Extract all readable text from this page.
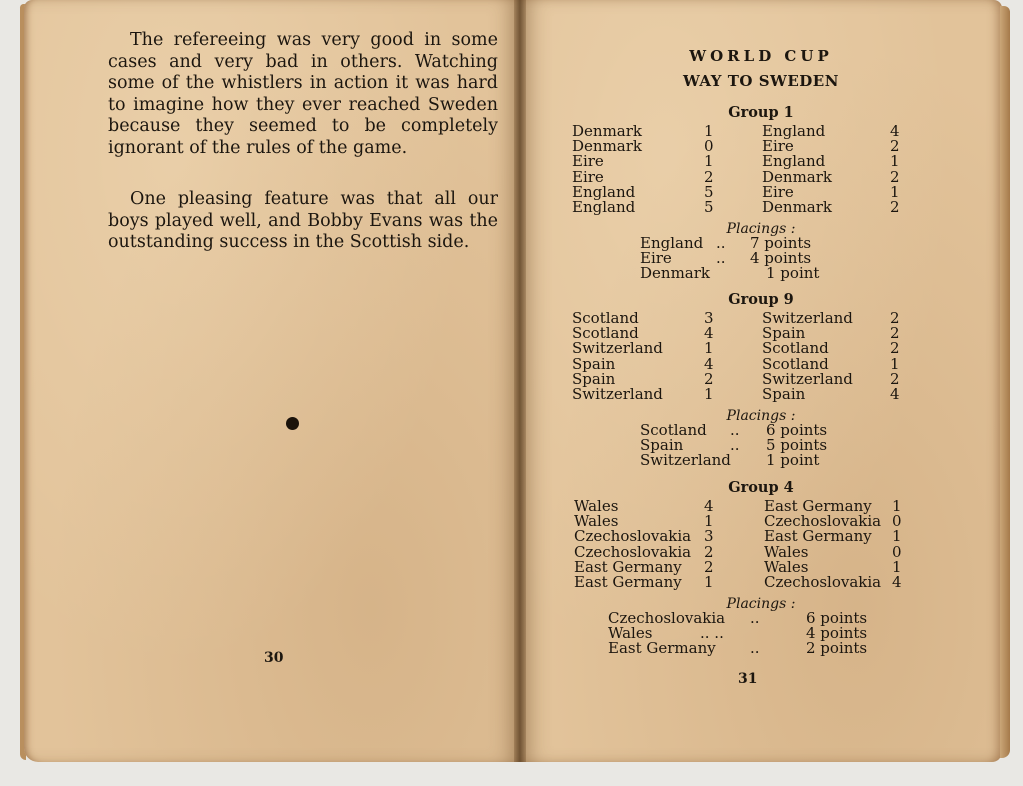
The refereeing was very good in some cases and very bad in others. Watching some of the whistlers in action it was hard to imagine how they ever reached Sweden because they seemed to be completely ignorant of the rules of the game.

One pleasing feature was that all our boys played well, and Bobby Evans was the outstanding success in the Scottish side.

30

WORLD CUP

WAY TO SWEDEN

Group 1

Denmark	1	England	4
Denmark	0	Eire	2
Eire	1	England	1
Eire	2	Denmark	2
England	5	Eire	1
England	5	Denmark	2

Placings :

England .. 7 points
Eire	.. 4 points
Denmark	1 point

Group 9

Scotland	3	Switzerland 2
Scotland	4	Spain	2
Switzerland	1	Scotland	2
Spain	4	Scotland	1
Spain	2	Switzerland 2
Switzerland	1	Spain	4

Placings :

Scotland .. 6 points
Spain	.. 5 points
Switzerland 1 point

Group 4

Wales	4	East Germany 1
Wales	1	Czechoslovakia 0
Czechoslovakia 3	East Germany 1
Czechoslovakia 2	Wales	0
East Germany 2	Wales	1
East Germany 1	Czechoslovakia 4

Placings :

Czechoslovakia ..	6 points
Wales	.. ..	4 points
East Germany ..	2 points

31
